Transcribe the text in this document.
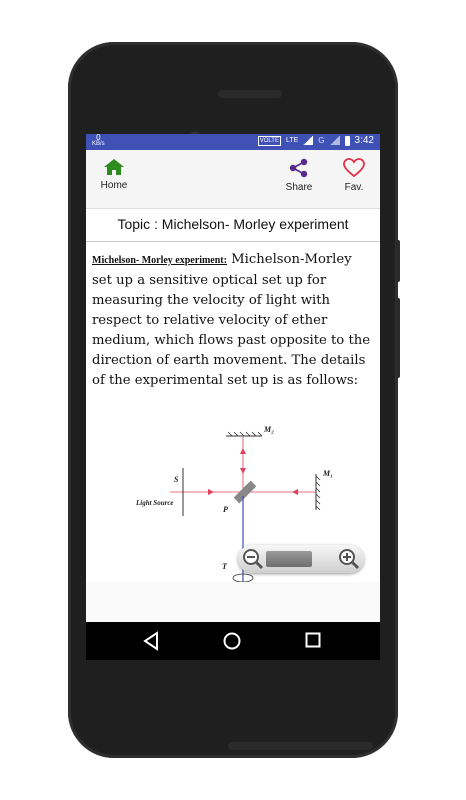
0
KB/s
VOLTE LTE	G	3:42
Home	Share	Fav.
Topic : Michelson- Morley experiment
Michelson- Morley experiment: Michelson-Morley set up a sensitive optical set up for measuring the velocity of light with respect to relative velocity of ether medium, which flows past opposite to the direction of earth movement. The details of the experimental set up is as follows:
M₂
M₁
S
Light Source
P
T
